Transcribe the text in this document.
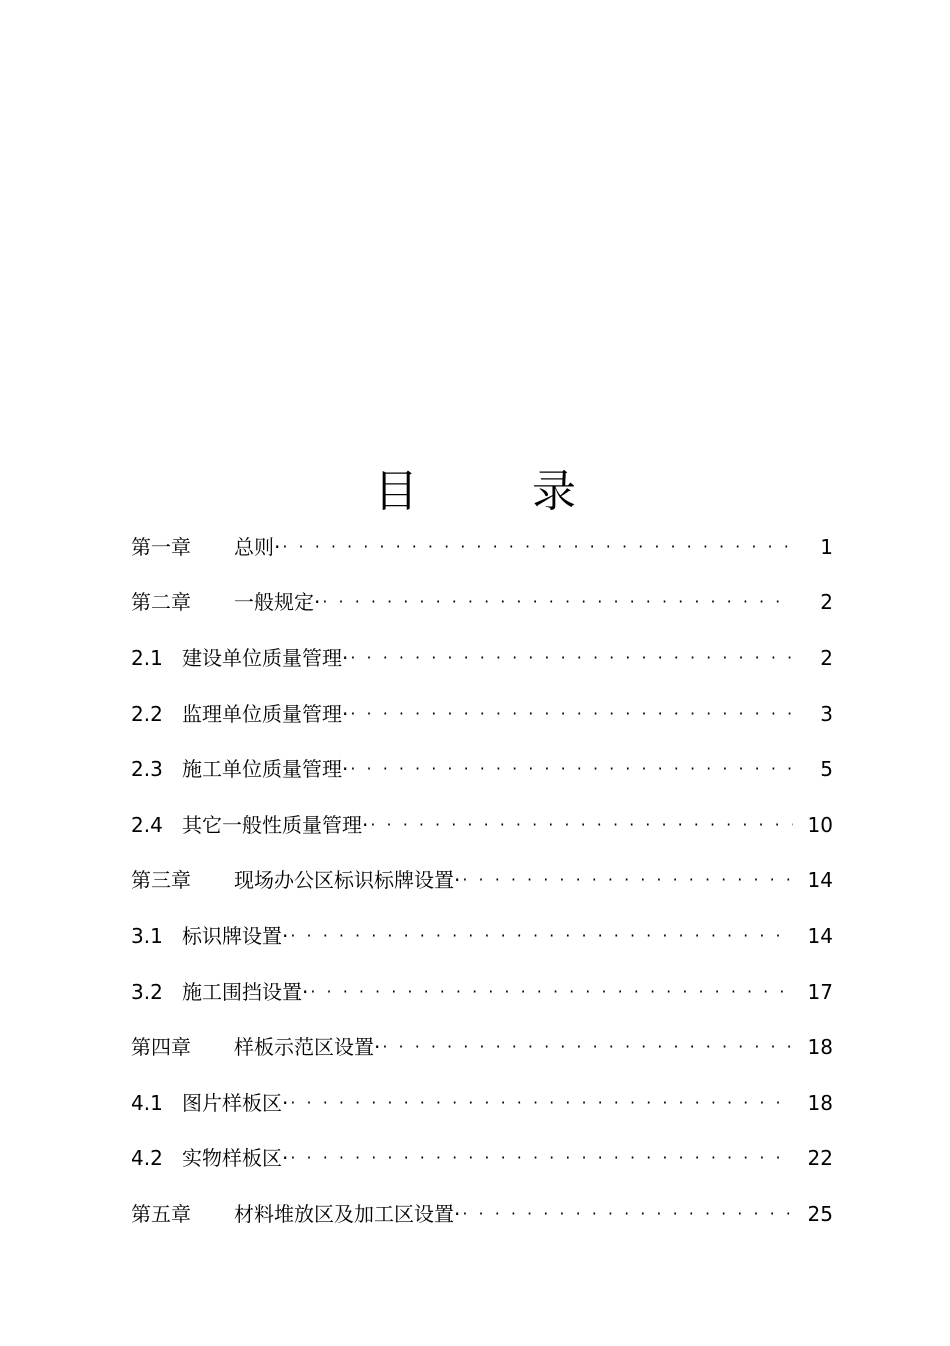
目 录
第一章	总则· · · ·	1
第二章	一般规定· · · ·	2
2.1 建设单位质量管理· · · ·	2
2.2 监理单位质量管理· · · ·	3
2.3 施工单位质量管理· · · ·	5
2.4 其它一般性质量管理· · · ·	10
第三章	现场办公区标识标牌设置· · · ·	14
3.1 标识牌设置· · · ·	14
3.2 施工围挡设置· · · ·	17
第四章	样板示范区设置· · · ·	18
4.1 图片样板区· · · ·	18
4.2 实物样板区· · · ·	22
第五章	材料堆放区及加工区设置· · · ·	25
